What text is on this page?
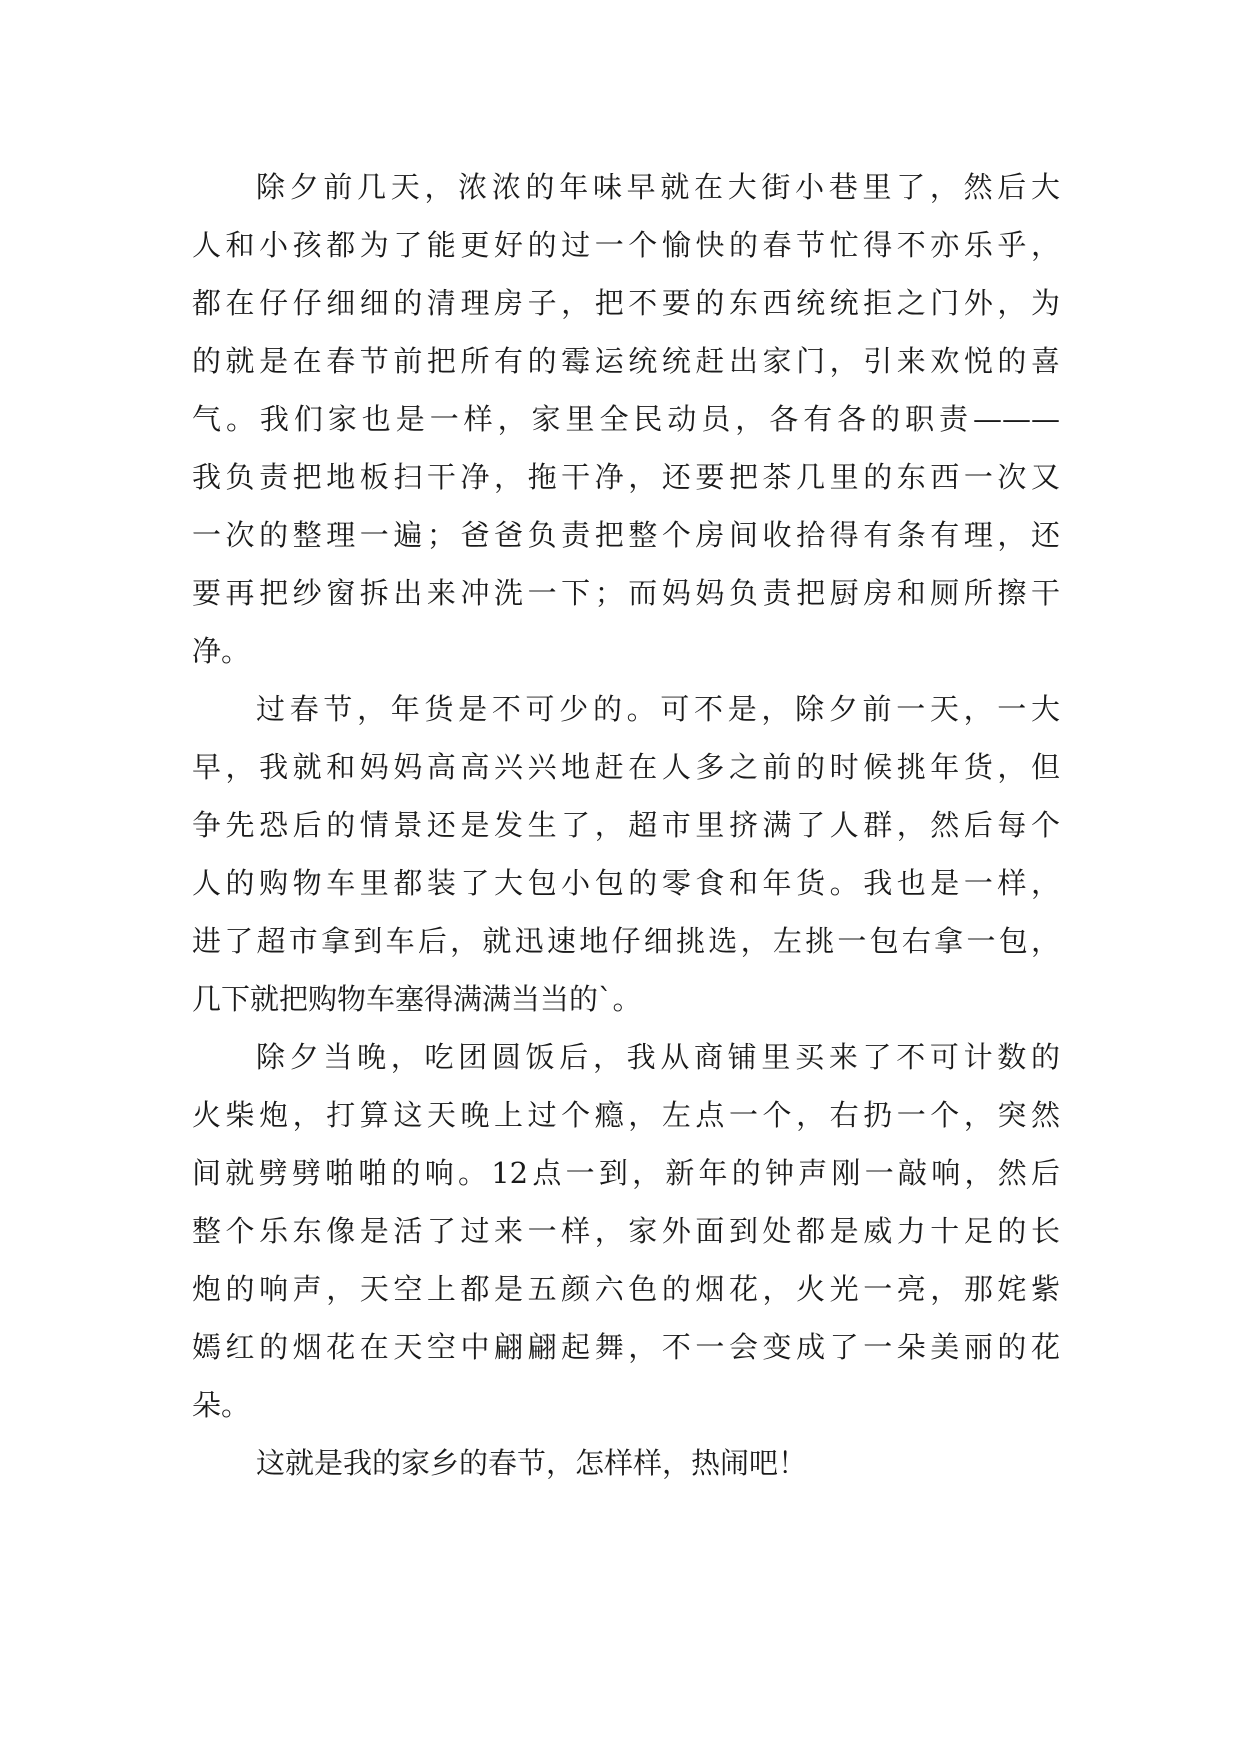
除夕前几天，浓浓的年味早就在大街小巷里了，然后大
人和小孩都为了能更好的过一个愉快的春节忙得不亦乐乎，
都在仔仔细细的清理房子，把不要的东西统统拒之门外，为
的就是在春节前把所有的霉运统统赶出家门，引来欢悦的喜
气。我们家也是一样，家里全民动员，各有各的职责———
我负责把地板扫干净，拖干净，还要把茶几里的东西一次又
一次的整理一遍；爸爸负责把整个房间收拾得有条有理，还
要再把纱窗拆出来冲洗一下；而妈妈负责把厨房和厕所擦干
净。
过春节，年货是不可少的。可不是，除夕前一天，一大
早，我就和妈妈高高兴兴地赶在人多之前的时候挑年货，但
争先恐后的情景还是发生了，超市里挤满了人群，然后每个
人的购物车里都装了大包小包的零食和年货。我也是一样，
进了超市拿到车后，就迅速地仔细挑选，左挑一包右拿一包，
几下就把购物车塞得满满当当的`。
除夕当晚，吃团圆饭后，我从商铺里买来了不可计数的
火柴炮，打算这天晚上过个瘾，左点一个，右扔一个，突然
间就劈劈啪啪的响。12点一到，新年的钟声刚一敲响，然后
整个乐东像是活了过来一样，家外面到处都是威力十足的长
炮的响声，天空上都是五颜六色的烟花，火光一亮，那姹紫
嫣红的烟花在天空中翩翩起舞，不一会变成了一朵美丽的花
朵。
这就是我的家乡的春节，怎样样，热闹吧！
